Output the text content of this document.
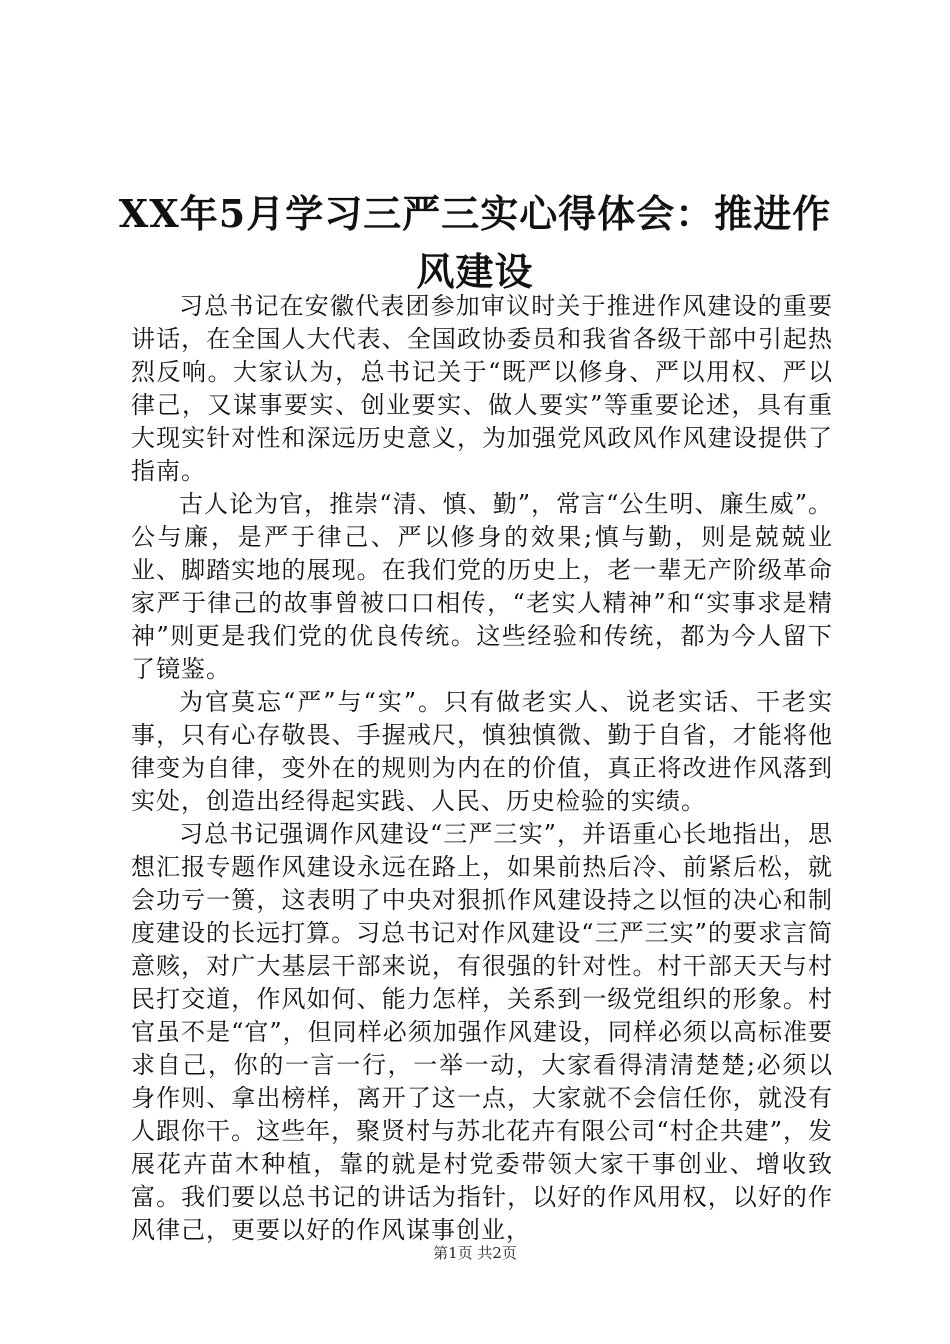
XX年5月学习三严三实心得体会：推进作风建设

习总书记在安徽代表团参加审议时关于推进作风建设的重要讲话，在全国人大代表、全国政协委员和我省各级干部中引起热烈反响。大家认为，总书记关于“既严以修身、严以用权、严以律己，又谋事要实、创业要实、做人要实”等重要论述，具有重大现实针对性和深远历史意义，为加强党风政风作风建设提供了指南。

古人论为官，推崇“清、慎、勤”，常言“公生明、廉生威”。公与廉，是严于律己、严以修身的效果;慎与勤，则是兢兢业业、脚踏实地的展现。在我们党的历史上，老一辈无产阶级革命家严于律己的故事曾被口口相传，“老实人精神”和“实事求是精神”则更是我们党的优良传统。这些经验和传统，都为今人留下了镜鉴。

为官莫忘“严”与“实”。只有做老实人、说老实话、干老实事，只有心存敬畏、手握戒尺，慎独慎微、勤于自省，才能将他律变为自律，变外在的规则为内在的价值，真正将改进作风落到实处，创造出经得起实践、人民、历史检验的实绩。

习总书记强调作风建设“三严三实”，并语重心长地指出，思想汇报专题作风建设永远在路上，如果前热后冷、前紧后松，就会功亏一篑，这表明了中央对狠抓作风建设持之以恒的决心和制度建设的长远打算。习总书记对作风建设“三严三实”的要求言简意赅，对广大基层干部来说，有很强的针对性。村干部天天与村民打交道，作风如何、能力怎样，关系到一级党组织的形象。村官虽不是“官”，但同样必须加强作风建设，同样必须以高标准要求自己，你的一言一行，一举一动，大家看得清清楚楚;必须以身作则、拿出榜样，离开了这一点，大家就不会信任你，就没有人跟你干。这些年，聚贤村与苏北花卉有限公司“村企共建”，发展花卉苗木种植，靠的就是村党委带领大家干事创业、增收致富。我们要以总书记的讲话为指针，以好的作风用权，以好的作风律己，更要以好的作风谋事创业，

第1页 共2页
